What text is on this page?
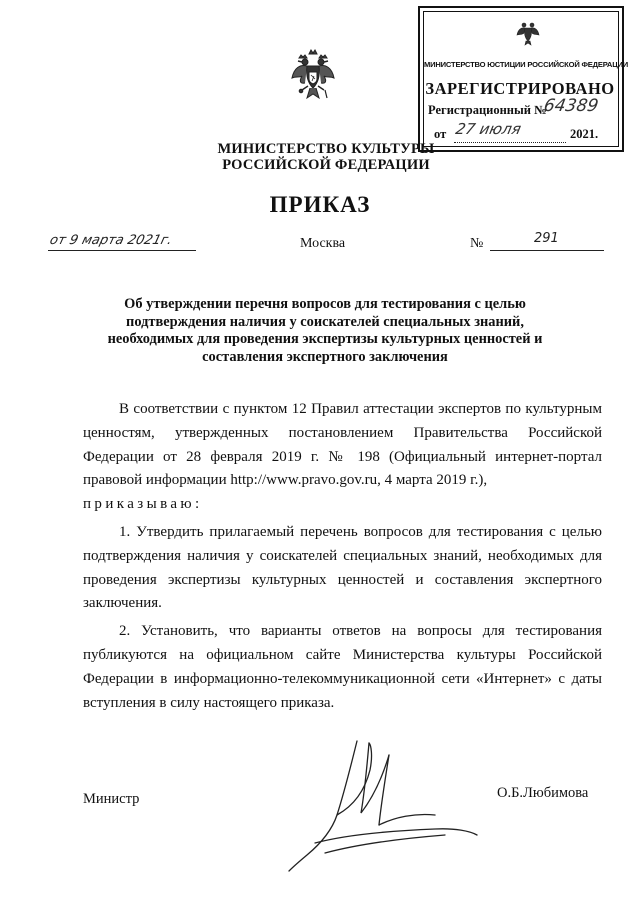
МИНИСТЕРСТВО КУЛЬТУРЫ
РОССИЙСКОЙ ФЕДЕРАЦИИ
МИНИСТЕРСТВО ЮСТИЦИИ РОССИЙСКОЙ ФЕДЕРАЦИИ
ЗАРЕГИСТРИРОВАНО
Регистрационный №
64389
от 27 июля	2021.
ПРИКАЗ
от 9 марта 2021г.	Москва	№	291
Об утверждении перечня вопросов для тестирования с целью подтверждения наличия у соискателей специальных знаний, необходимых для проведения экспертизы культурных ценностей и составления экспертного заключения

В соответствии с пунктом 12 Правил аттестации экспертов по культурным ценностям, утвержденных постановлением Правительства Российской Федерации от 28 февраля 2019 г. № 198 (Официальный интернет-портал правовой информации http://www.pravo.gov.ru, 4 марта 2019 г.),

приказываю:

1. Утвердить прилагаемый перечень вопросов для тестирования с целью подтверждения наличия у соискателей специальных знаний, необходимых для проведения экспертизы культурных ценностей и составления экспертного заключения.

2. Установить, что варианты ответов на вопросы для тестирования публикуются на официальном сайте Министерства культуры Российской Федерации в информационно-телекоммуникационной сети «Интернет» с даты вступления в силу настоящего приказа.

Министр	О.Б.Любимова
